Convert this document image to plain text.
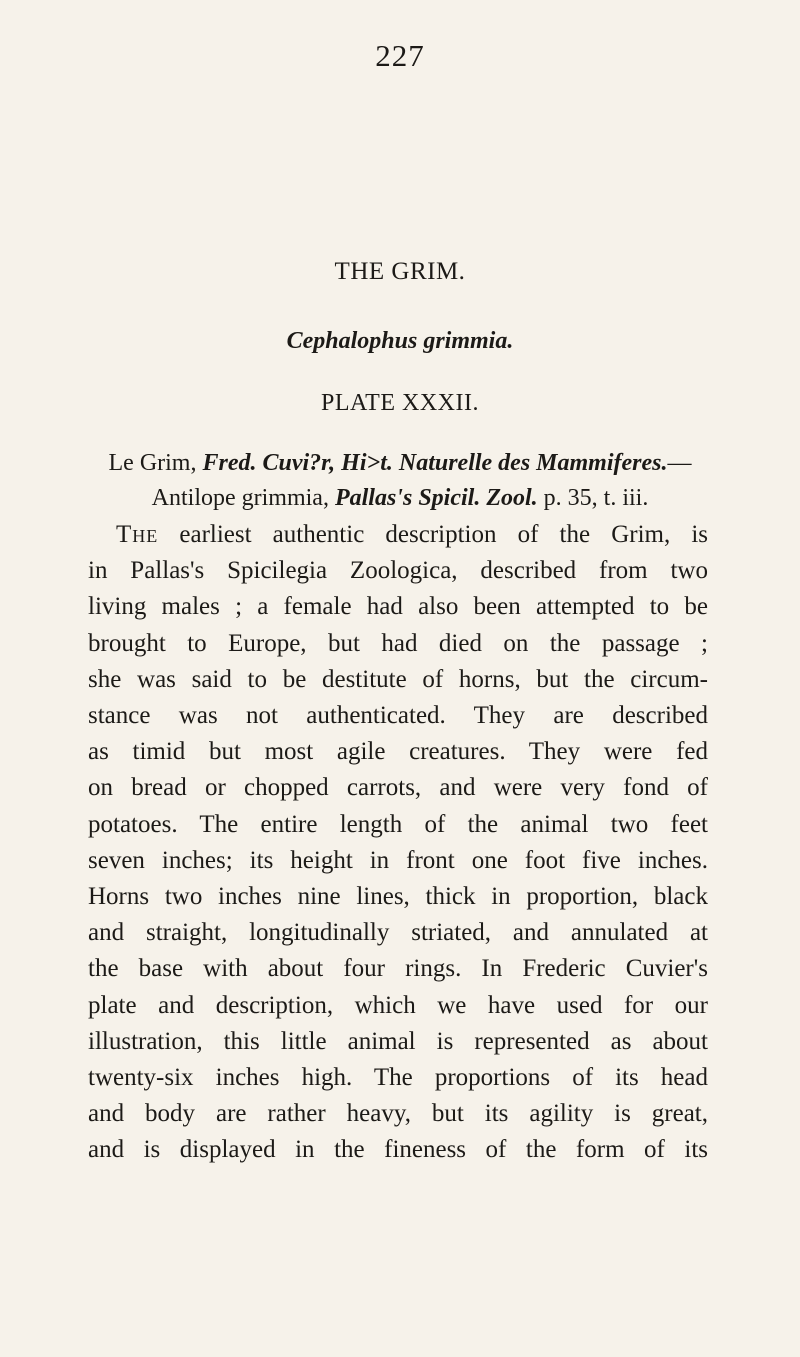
227
THE GRIM.
Cephalophus grimmia.
PLATE XXXII.
Le Grim, Fred. Cuvi?r, Hi>t. Naturelle des Mammiferes.—
Antilope grimmia, Pallas's Spicil. Zool. p. 35, t. iii.
The earliest authentic description of the Grim, is
in Pallas's Spicilegia Zoologica, described from two
living males ; a female had also been attempted to be
brought to Europe, but had died on the passage ;
she was said to be destitute of horns, but the circum-
stance was not authenticated. They are described
as timid but most agile creatures. They were fed
on bread or chopped carrots, and were very fond of
potatoes. The entire length of the animal two feet
seven inches; its height in front one foot five inches.
Horns two inches nine lines, thick in proportion, black
and straight, longitudinally striated, and annulated at
the base with about four rings. In Frederic Cuvier's
plate and description, which we have used for our
illustration, this little animal is represented as about
twenty-six inches high. The proportions of its head
and body are rather heavy, but its agility is great,
and is displayed in the fineness of the form of its
